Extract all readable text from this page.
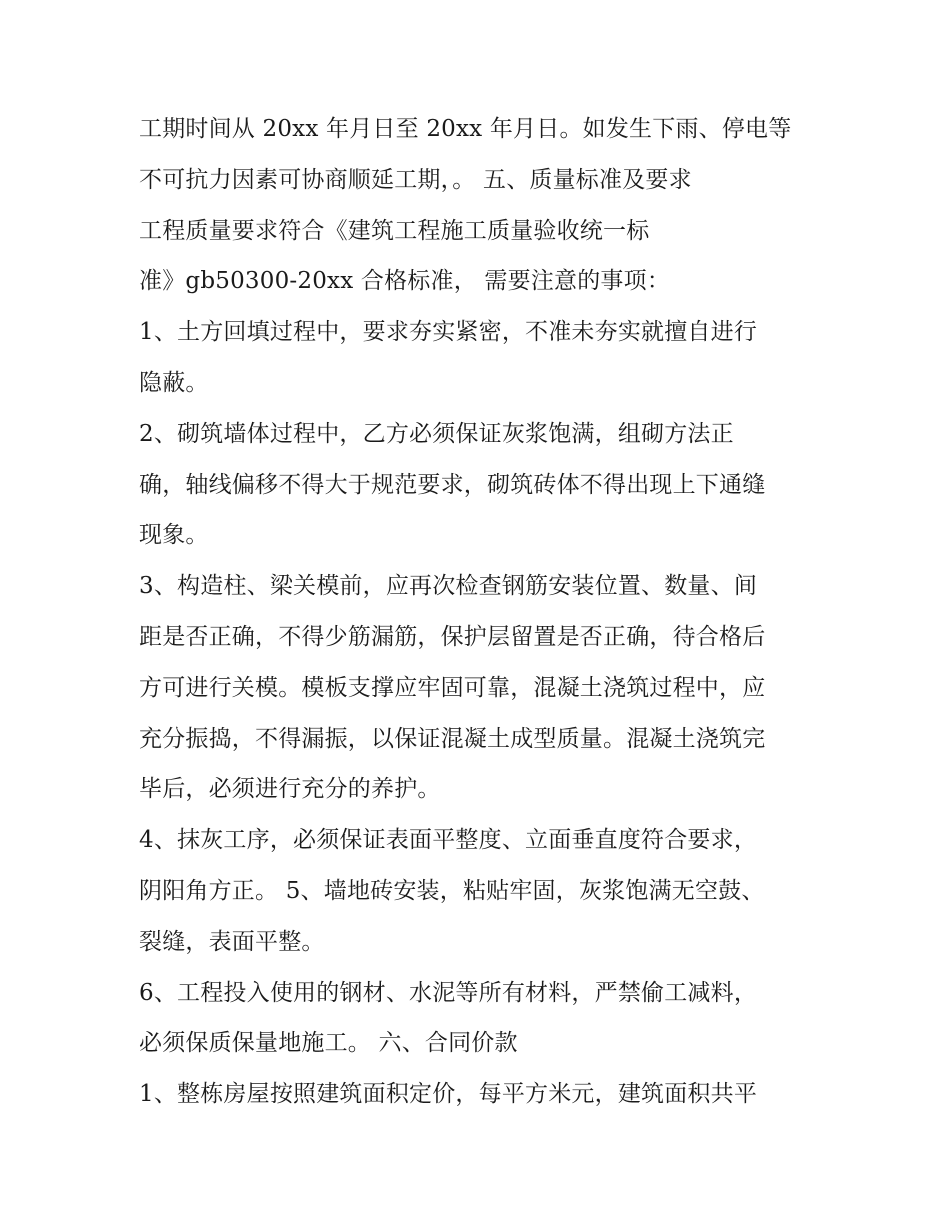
工期时间从 20xx 年月日至 20xx 年月日。如发生下雨、停电等
不可抗力因素可协商顺延工期，。 五、质量标准及要求
工程质量要求符合《建筑工程施工质量验收统一标
准》gb50300-20xx 合格标准， 需要注意的事项：
1、土方回填过程中，要求夯实紧密，不准未夯实就擅自进行
隐蔽。
2、砌筑墙体过程中，乙方必须保证灰浆饱满，组砌方法正
确，轴线偏移不得大于规范要求，砌筑砖体不得出现上下通缝
现象。
3、构造柱、梁关模前，应再次检查钢筋安装位置、数量、间
距是否正确，不得少筋漏筋，保护层留置是否正确，待合格后
方可进行关模。模板支撑应牢固可靠，混凝土浇筑过程中，应
充分振捣，不得漏振，以保证混凝土成型质量。混凝土浇筑完
毕后，必须进行充分的养护。
4、抹灰工序，必须保证表面平整度、立面垂直度符合要求，
阴阳角方正。 5、墙地砖安装，粘贴牢固，灰浆饱满无空鼓、
裂缝，表面平整。
6、工程投入使用的钢材、水泥等所有材料，严禁偷工减料，
必须保质保量地施工。 六、合同价款
1、整栋房屋按照建筑面积定价，每平方米元，建筑面积共平
